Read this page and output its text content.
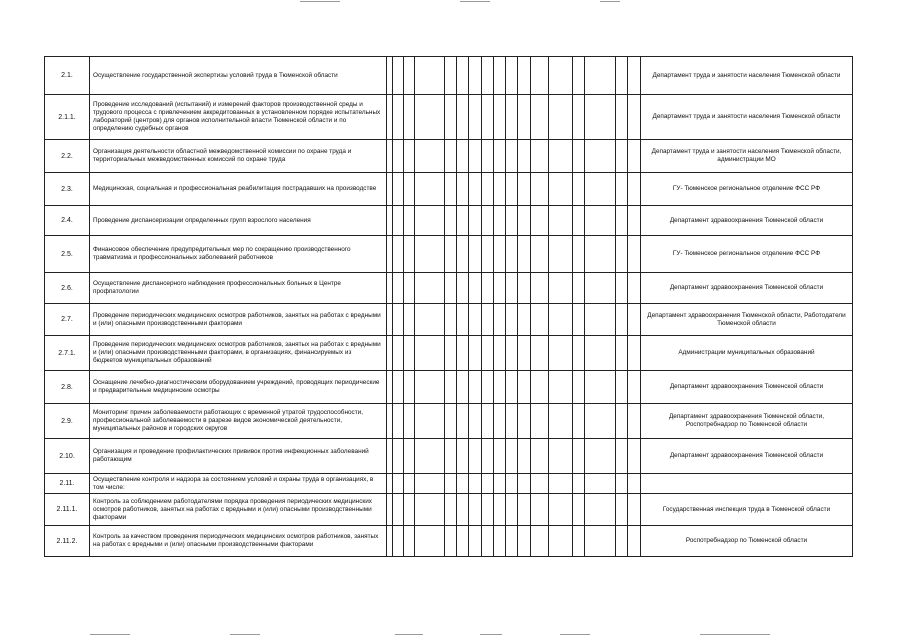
2.1.	Осуществление государственной экспертизы условий труда в Тюменской области																		Департамент труда и занятости населения Тюменской области
2.1.1.	Проведение исследований (испытаний) и измерений факторов производственной среды и трудового процесса с привлечением аккредитованных в установленном порядке испытательных лабораторий (центров) для органов исполнительной власти Тюменской области и по определению судебных органов																		Департамент труда и занятости населения Тюменской области
2.2.	Организация деятельности областной межведомственной комиссии по охране труда и территориальных межведомственных комиссий по охране труда																		Департамент труда и занятости населения Тюменской области, администрации МО
2.3.	Медицинская, социальная и профессиональная реабилитация пострадавших на производстве																		ГУ- Тюменское региональное отделение ФСС РФ
2.4.	Проведение диспансеризации определенных групп взрослого населения																		Департамент здравоохранения Тюменской области
2.5.	Финансовое обеспечение предупредительных мер по сокращению производственного травматизма и профессиональных заболеваний работников																		ГУ- Тюменское региональное отделение ФСС РФ
2.6.	Осуществление диспансерного наблюдения профессиональных больных в Центре профпатологии																		Департамент здравоохранения Тюменской области
2.7.	Проведение периодических медицинских осмотров работников, занятых на работах с вредными и (или) опасными производственными факторами																		Департамент здравоохранения Тюменской области, Работодатели Тюменской области
2.7.1.	Проведение периодических медицинских осмотров работников, занятых на работах с вредными и (или) опасными производственными факторами, в организациях, финансируемых из бюджетов муниципальных образований																		Администрации муниципальных образований
2.8.	Оснащение лечебно-диагностическим оборудованием учреждений, проводящих периодические и предварительные медицинские осмотры																		Департамент здравоохранения Тюменской области
2.9.	Мониторинг причин заболеваемости работающих с временной утратой трудоспособности, профессиональной заболеваемости в разрезе видов экономической деятельности, муниципальных районов и городских округов																		Департамент здравоохранения Тюменской области, Роспотребнадзор по Тюменской области
2.10.	Организация и проведение профилактических прививок против инфекционных заболеваний работающим																		Департамент здравоохранения Тюменской области
2.11.	Осуществление контроля и надзора за состоянием условий и охраны труда в организациях, в том числе:																		
2.11.1.	Контроль за соблюдением работодателями порядка проведения периодических медицинских осмотров работников, занятых на работах с вредными и (или) опасными производственными факторами																		Государственная инспекция труда в Тюменской области
2.11.2.	Контроль за качеством проведения периодических медицинских осмотров работников, занятых на работах с вредными и (или) опасными производственными факторами																		Роспотребнадзор по Тюменской области
